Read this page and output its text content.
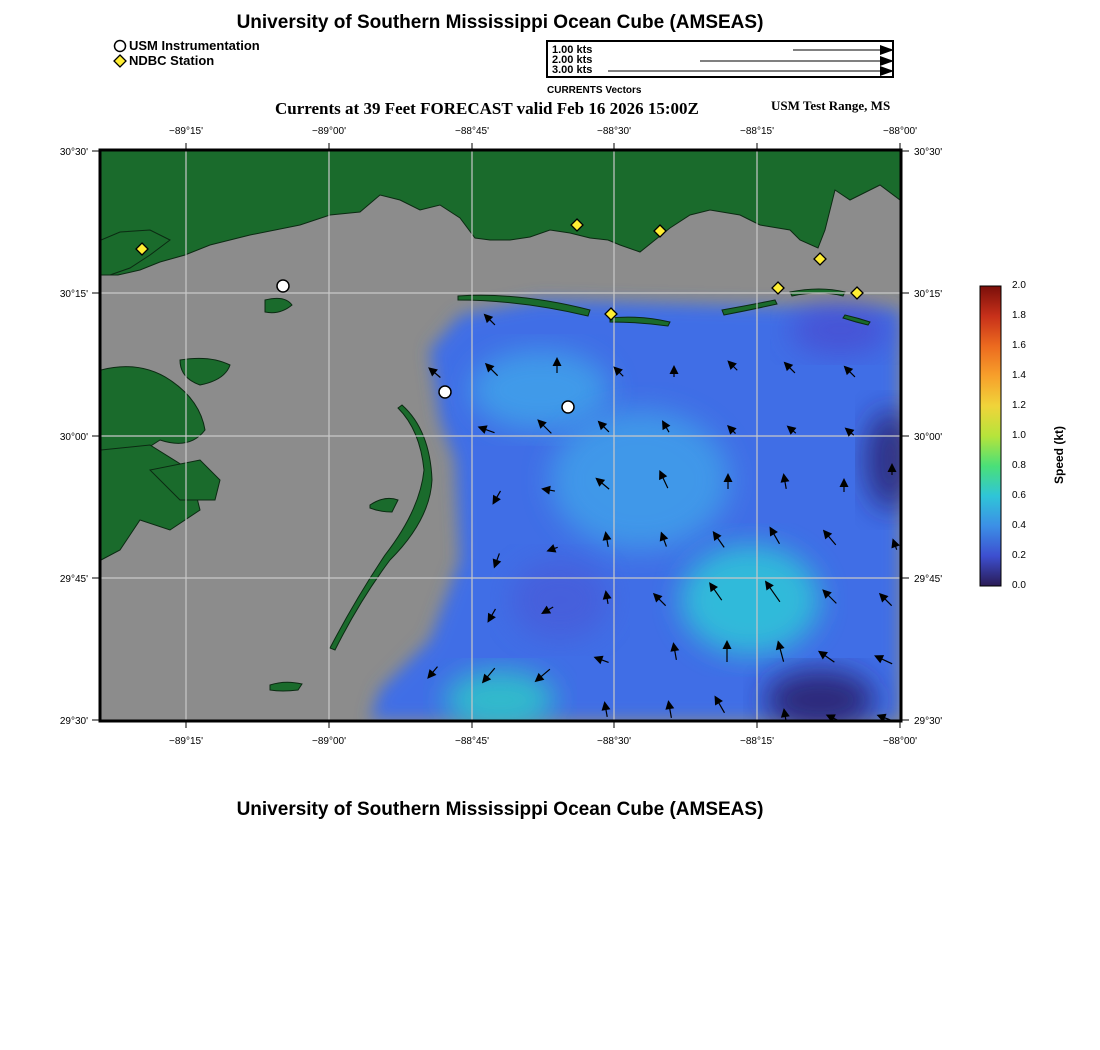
University of Southern Mississippi Ocean Cube (AMSEAS)
USM Instrumentation
NDBC Station
1.00 kts
2.00 kts
3.00 kts
CURRENTS Vectors
Currents at 39 Feet FORECAST valid Feb 16 2026 15:00Z	USM Test Range, MS
−89°15'	−89°00'	−88°45'	−88°30'	−88°15'	−88°00'
−89°15'	−89°00'	−88°45'	−88°30'	−88°15'	−88°00'
30°30'
30°15'
30°00'
29°45'
29°30'
30°30'
30°15'
30°00'
29°45'
29°30'
2.0
1.8
1.6
1.4
1.2
1.0
0.8
0.6
0.4
0.2
0.0
Speed (kt)
University of Southern Mississippi Ocean Cube (AMSEAS)
